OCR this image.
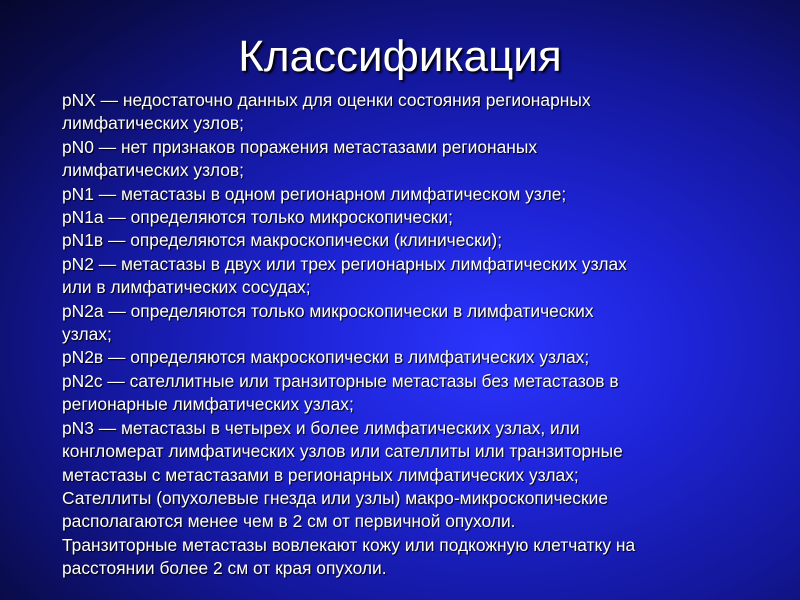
Классификация
pNX — недостаточно данных для оценки состояния регионарных
лимфатических узлов;
pN0 — нет признаков поражения метастазами регионаных
лимфатических узлов;
pN1 — метастазы в одном регионарном лимфатическом узле;
pN1a — определяются только микроскопически;
pN1в — определяются макроскопически (клинически);
pN2 — метастазы в двух или трех регионарных лимфатических узлах
или в лимфатических сосудах;
pN2a — определяются только микроскопически в лимфатических
узлах;
pN2в — определяются макроскопически в лимфатических узлах;
pN2c — сателлитные или транзиторные метастазы без метастазов в
регионарные лимфатических узлах;
pN3 — метастазы в четырех и более лимфатических узлах, или
конгломерат лимфатических узлов или сателлиты или транзиторные
метастазы с метастазами в регионарных лимфатических узлах;
Сателлиты (опухолевые гнезда или узлы) макро-микроскопические
располагаются менее чем в 2 см от первичной опухоли.
Транзиторные метастазы вовлекают кожу или подкожную клетчатку на
расстоянии более 2 см от края опухоли.
